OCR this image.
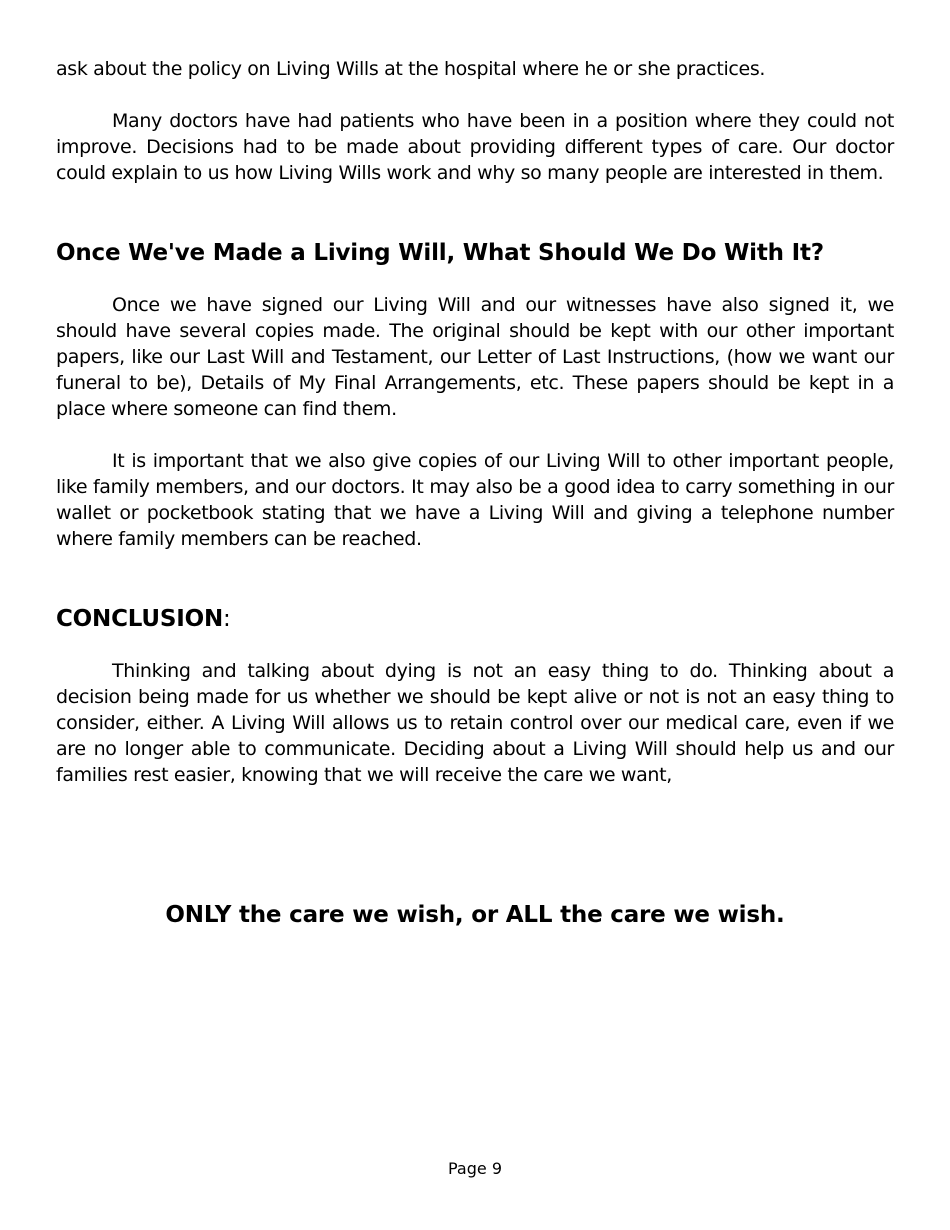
ask about the policy on Living Wills at the hospital where he or she practices.

Many doctors have had patients who have been in a position where they could not improve. Decisions had to be made about providing different types of care. Our doctor could explain to us how Living Wills work and why so many people are interested in them.

Once We've Made a Living Will, What Should We Do With It?

Once we have signed our Living Will and our witnesses have also signed it, we should have several copies made. The original should be kept with our other important papers, like our Last Will and Testament, our Letter of Last Instructions, (how we want our funeral to be), Details of My Final Arrangements, etc. These papers should be kept in a place where someone can find them.

It is important that we also give copies of our Living Will to other important people, like family members, and our doctors. It may also be a good idea to carry something in our wallet or pocketbook stating that we have a Living Will and giving a telephone number where family members can be reached.

CONCLUSION:

Thinking and talking about dying is not an easy thing to do. Thinking about a decision being made for us whether we should be kept alive or not is not an easy thing to consider, either. A Living Will allows us to retain control over our medical care, even if we are no longer able to communicate. Deciding about a Living Will should help us and our families rest easier, knowing that we will receive the care we want,

ONLY the care we wish, or ALL the care we wish.

Page 9
